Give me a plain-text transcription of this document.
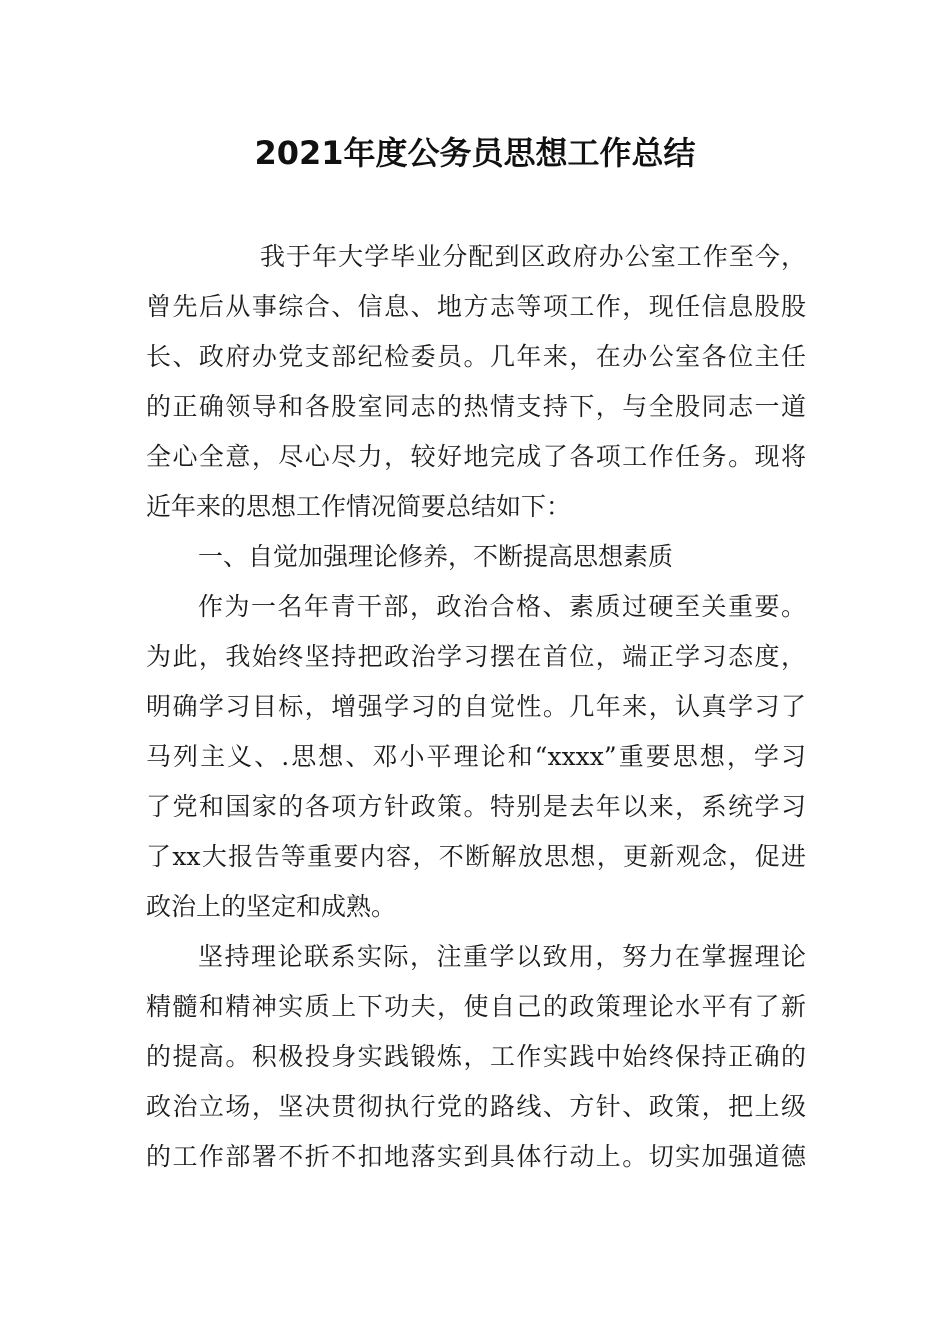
2021年度公务员思想工作总结
我于年大学毕业分配到区政府办公室工作至今，
曾先后从事综合、信息、地方志等项工作，现任信息股股
长、政府办党支部纪检委员。几年来，在办公室各位主任
的正确领导和各股室同志的热情支持下，与全股同志一道
全心全意，尽心尽力，较好地完成了各项工作任务。现将
近年来的思想工作情况简要总结如下：
一、自觉加强理论修养，不断提高思想素质
作为一名年青干部，政治合格、素质过硬至关重要。
为此，我始终坚持把政治学习摆在首位，端正学习态度，
明确学习目标，增强学习的自觉性。几年来，认真学习了
马列主义、.思想、邓小平理论和“xxxx”重要思想，学习
了党和国家的各项方针政策。特别是去年以来，系统学习
了xx大报告等重要内容，不断解放思想，更新观念，促进
政治上的坚定和成熟。
坚持理论联系实际，注重学以致用，努力在掌握理论
精髓和精神实质上下功夫，使自己的政策理论水平有了新
的提高。积极投身实践锻炼，工作实践中始终保持正确的
政治立场，坚决贯彻执行党的路线、方针、政策，把上级
的工作部署不折不扣地落实到具体行动上。切实加强道德
